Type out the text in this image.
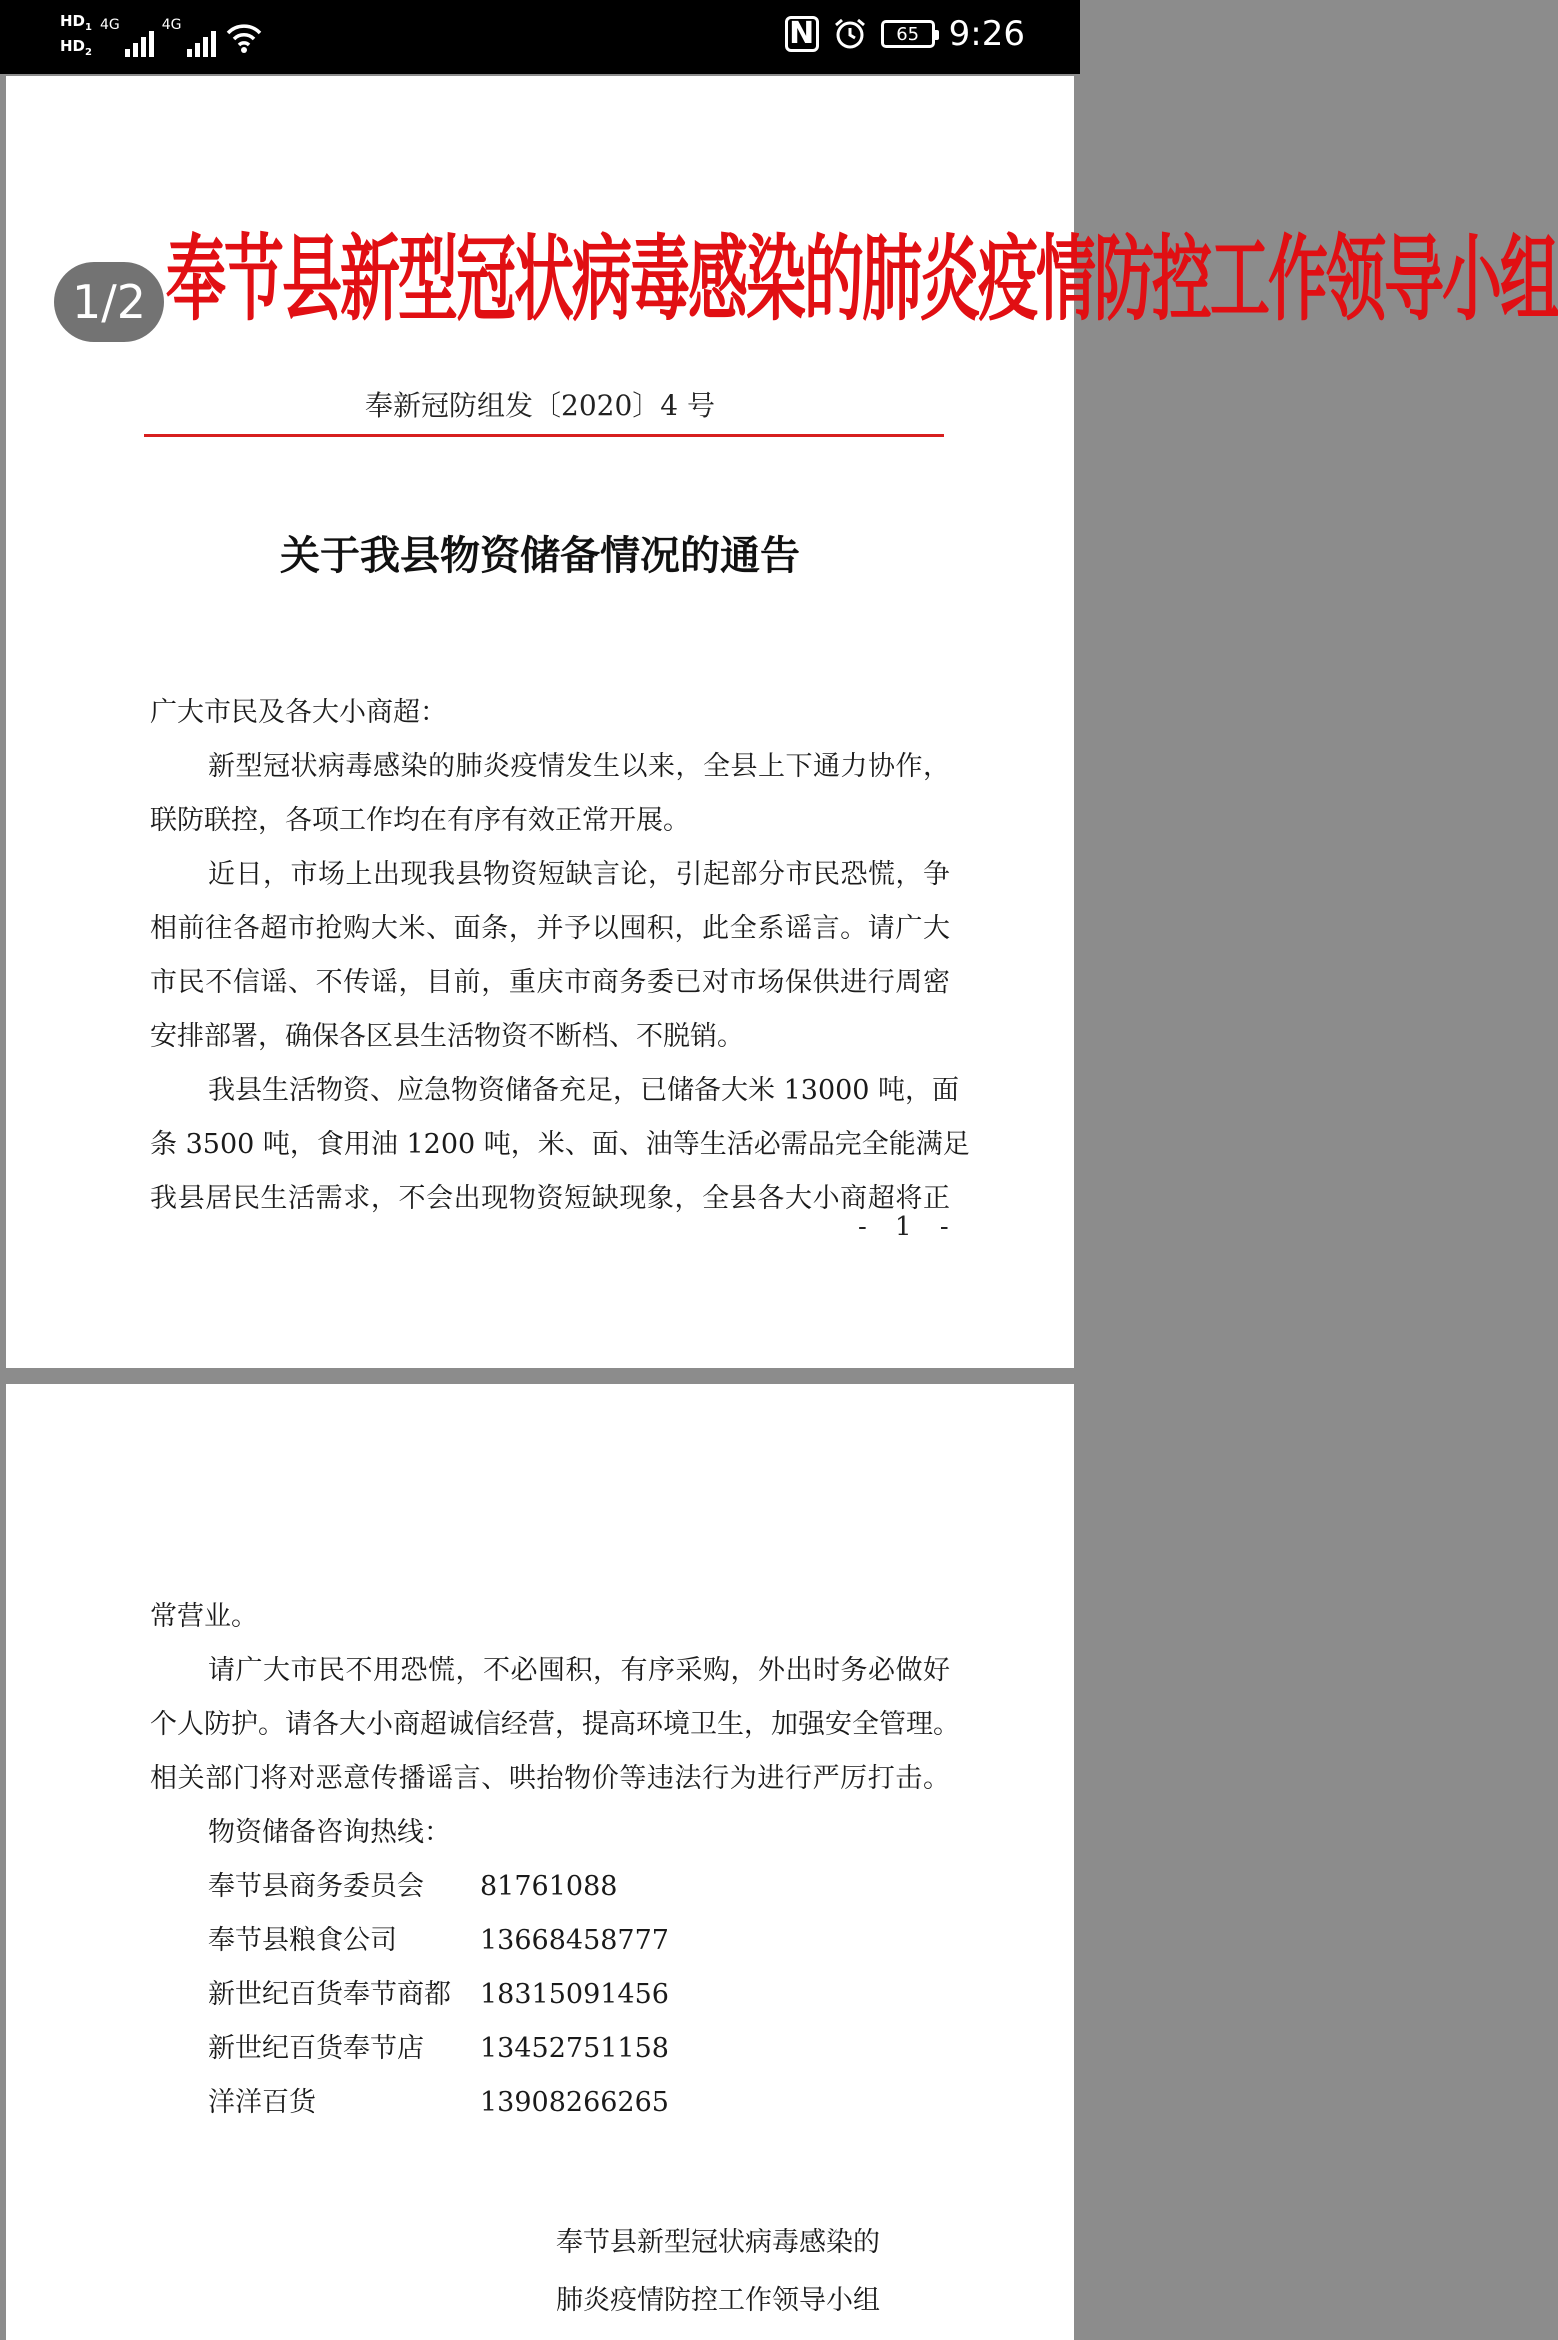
$HD_1$
$HD_2$
4G	4G	N	65 9:26
奉节县新型冠状病毒感染的肺炎疫情防控工作领导小组
奉新冠防组发〔2020〕4 号
关于我县物资储备情况的通告
广大市民及各大小商超：
新型冠状病毒感染的肺炎疫情发生以来，全县上下通力协作，
联防联控，各项工作均在有序有效正常开展。
近日，市场上出现我县物资短缺言论，引起部分市民恐慌，争
相前往各超市抢购大米、面条，并予以囤积，此全系谣言。请广大
市民不信谣、不传谣，目前，重庆市商务委已对市场保供进行周密
安排部署，确保各区县生活物资不断档、不脱销。
我县生活物资、应急物资储备充足，已储备大米 13000 吨，面
条 3500 吨，食用油 1200 吨，米、面、油等生活必需品完全能满足
我县居民生活需求，不会出现物资短缺现象，全县各大小商超将正
- 1 -
1/2
常营业。
请广大市民不用恐慌，不必囤积，有序采购，外出时务必做好
个人防护。请各大小商超诚信经营，提高环境卫生，加强安全管理。
相关部门将对恶意传播谣言、哄抬物价等违法行为进行严厉打击。
物资储备咨询热线：
奉节县商务委员会	81761088
奉节县粮食公司	13668458777
新世纪百货奉节商都	18315091456
新世纪百货奉节店	13452751158
洋洋百货	13908266265
奉节县新型冠状病毒感染的
肺炎疫情防控工作领导小组
